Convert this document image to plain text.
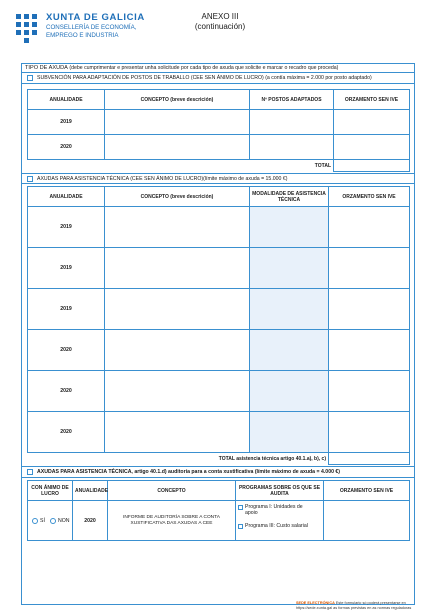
XUNTA DE GALICIA
CONSELLERÍA DE ECONOMÍA,
EMPREGO E INDUSTRIA
ANEXO III
(continuación)
TIPO DE AXUDA (debe cumprimentar e presentar unha solicitude por cada tipo de axuda que solicite e marcar o recadro que proceda)
SUBVENCIÓN PARA ADAPTACIÓN DE POSTOS DE TRABALLO (CEE SEN ÁNIMO DE LUCRO) (a contía máxima = 2.000 por posto adaptado)
ANUALIDADE	CONCEPTO (breve descrición)	Nº POSTOS ADAPTADOS	ORZAMENTO SEN IVE
2019			
2020			
TOTAL			
AXUDAS PARA ASISTENCIA TÉCNICA (CEE SEN ÁNIMO DE LUCRO)(límite máximo de axuda = 15.000 €)
ANUALIDADE	CONCEPTO (breve descrición)	MODALIDADE DE ASISTENCIA TÉCNICA	ORZAMENTO SEN IVE
2019			
2019			
2019			
2020			
2020			
2020			
TOTAL asistencia técnica artigo 40.1.a), b), c)			
AXUDAS PARA ASISTENCIA TÉCNICA, artigo 40.1.d) auditoría para a conta xustificativa (límite máximo de axuda = 4.000 €)
CON ÁNIMO DE LUCRO	ANUALIDADE	CONCEPTO	PROGRAMAS SOBRE OS QUE SE AUDITA	ORZAMENTO SEN IVE

SÍ NON	2020	INFORME DE AUDITORÍA SOBRE A CONTA XUSTIFICATIVA DAS AXUDAS A CEE	Programa I: Unidades de apoio
Programa III: Custo salarial	

SEDE ELECTRÓNICA Este formulario só poderá presentarse en
https://sede.xunta.gal as formas previstas en as normas reguladoras
